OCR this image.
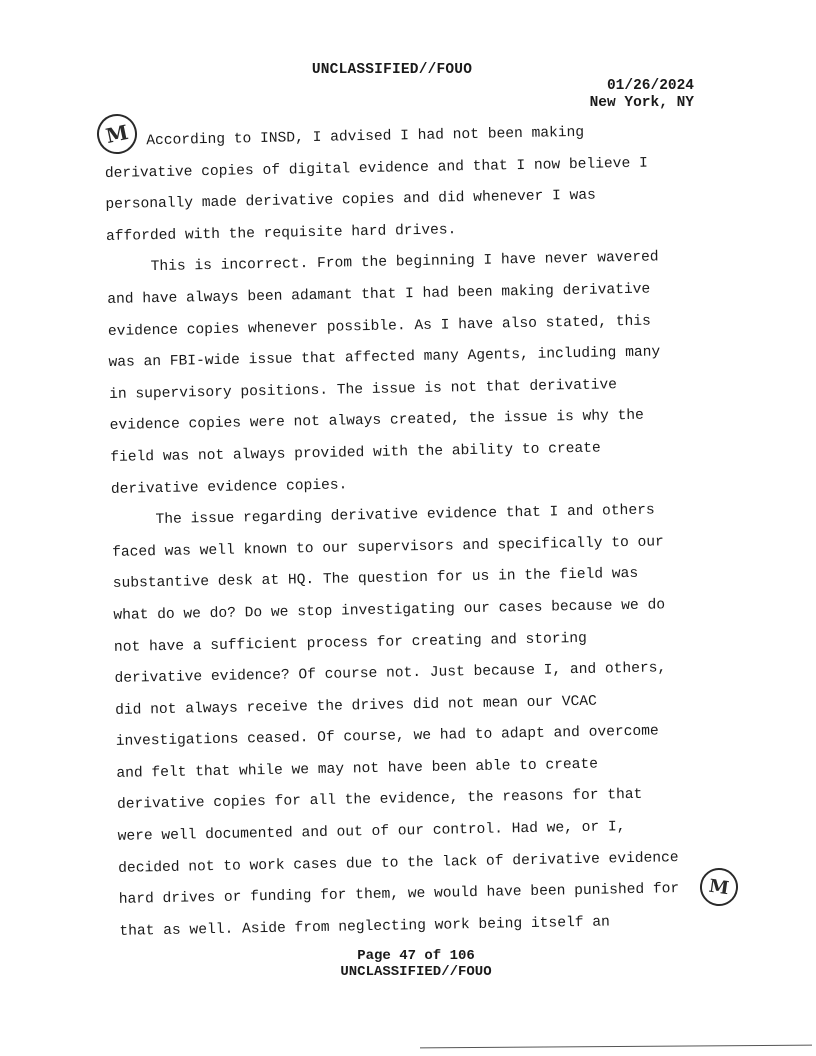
UNCLASSIFIED//FOUO
01/26/2024
New York, NY
M	According to INSD, I advised I had not been making

derivative copies of digital evidence and that I now believe I
personally made derivative copies and did whenever I was
afforded with the requisite hard drives.

This is incorrect. From the beginning I have never wavered
and have always been adamant that I had been making derivative
evidence copies whenever possible. As I have also stated, this
was an FBI-wide issue that affected many Agents, including many
in supervisory positions. The issue is not that derivative
evidence copies were not always created, the issue is why the
field was not always provided with the ability to create
derivative evidence copies.

The issue regarding derivative evidence that I and others
faced was well known to our supervisors and specifically to our
substantive desk at HQ. The question for us in the field was
what do we do? Do we stop investigating our cases because we do
not have a sufficient process for creating and storing
derivative evidence? Of course not. Just because I, and others,
did not always receive the drives did not mean our VCAC
investigations ceased. Of course, we had to adapt and overcome
and felt that while we may not have been able to create
derivative copies for all the evidence, the reasons for that
were well documented and out of our control. Had we, or I,
decided not to work cases due to the lack of derivative evidence
hard drives or funding for them, we would have been punished for
that as well. Aside from neglecting work being itself an

M
Page 47 of 106
UNCLASSIFIED//FOUO
